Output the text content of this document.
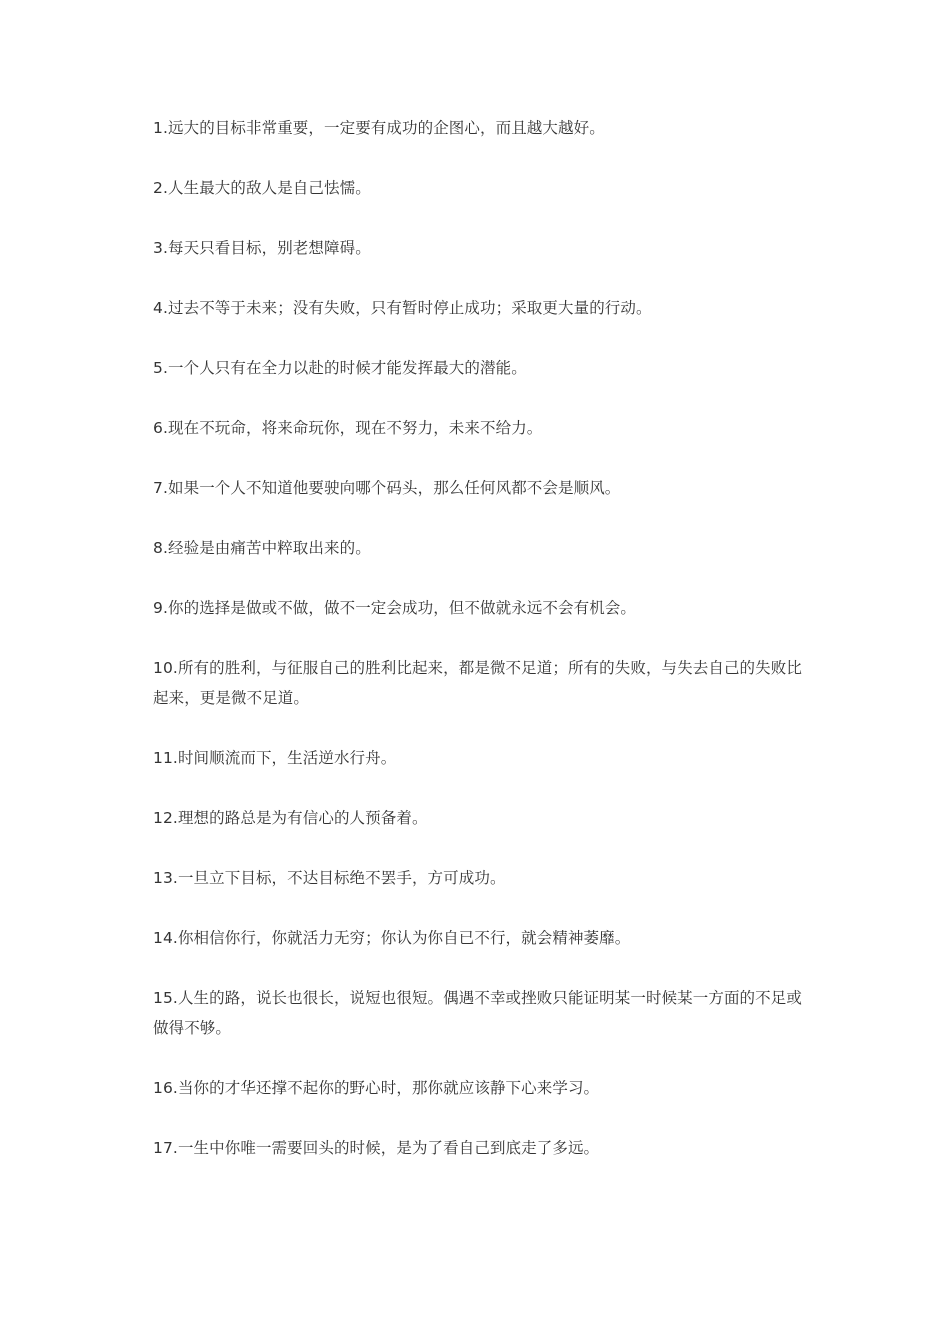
1.远大的目标非常重要，一定要有成功的企图心，而且越大越好。

2.人生最大的敌人是自己怯懦。

3.每天只看目标，别老想障碍。

4.过去不等于未来；没有失败，只有暂时停止成功；采取更大量的行动。

5.一个人只有在全力以赴的时候才能发挥最大的潜能。

6.现在不玩命，将来命玩你，现在不努力，未来不给力。

7.如果一个人不知道他要驶向哪个码头，那么任何风都不会是顺风。

8.经验是由痛苦中粹取出来的。

9.你的选择是做或不做，做不一定会成功，但不做就永远不会有机会。

10.所有的胜利，与征服自己的胜利比起来，都是微不足道；所有的失败，与失去自己的失败比起来，更是微不足道。

11.时间顺流而下，生活逆水行舟。

12.理想的路总是为有信心的人预备着。

13.一旦立下目标，不达目标绝不罢手，方可成功。

14.你相信你行，你就活力无穷；你认为你自已不行，就会精神萎靡。

15.人生的路，说长也很长，说短也很短。偶遇不幸或挫败只能证明某一时候某一方面的不足或做得不够。

16.当你的才华还撑不起你的野心时，那你就应该静下心来学习。

17.一生中你唯一需要回头的时候，是为了看自己到底走了多远。
